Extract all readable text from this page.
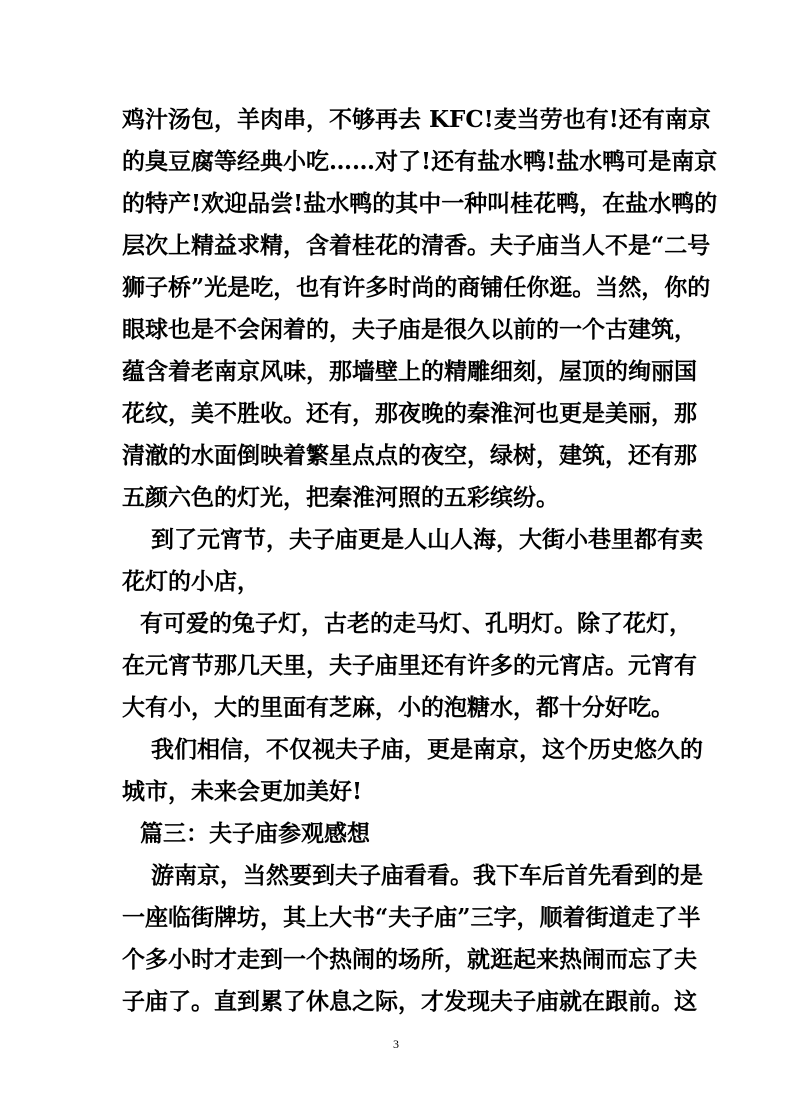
鸡汁汤包，羊肉串，不够再去 KFC!麦当劳也有!还有南京
的臭豆腐等经典小吃……对了!还有盐水鸭!盐水鸭可是南京
的特产!欢迎品尝!盐水鸭的其中一种叫桂花鸭，在盐水鸭的
层次上精益求精，含着桂花的清香。夫子庙当人不是“二号
狮子桥”光是吃，也有许多时尚的商铺任你逛。当然，你的
眼球也是不会闲着的，夫子庙是很久以前的一个古建筑，
蕴含着老南京风味，那墙壁上的精雕细刻，屋顶的绚丽国
花纹，美不胜收。还有，那夜晚的秦淮河也更是美丽，那
清澈的水面倒映着繁星点点的夜空，绿树，建筑，还有那
五颜六色的灯光，把秦淮河照的五彩缤纷。
到了元宵节，夫子庙更是人山人海，大街小巷里都有卖
花灯的小店，
有可爱的兔子灯，古老的走马灯、孔明灯。除了花灯，
在元宵节那几天里，夫子庙里还有许多的元宵店。元宵有
大有小，大的里面有芝麻，小的泡糖水，都十分好吃。
我们相信，不仅视夫子庙，更是南京，这个历史悠久的
城市，未来会更加美好!
篇三：夫子庙参观感想
游南京，当然要到夫子庙看看。我下车后首先看到的是
一座临街牌坊，其上大书“夫子庙”三字，顺着街道走了半
个多小时才走到一个热闹的场所，就逛起来热闹而忘了夫
子庙了。直到累了休息之际，才发现夫子庙就在跟前。这
3
